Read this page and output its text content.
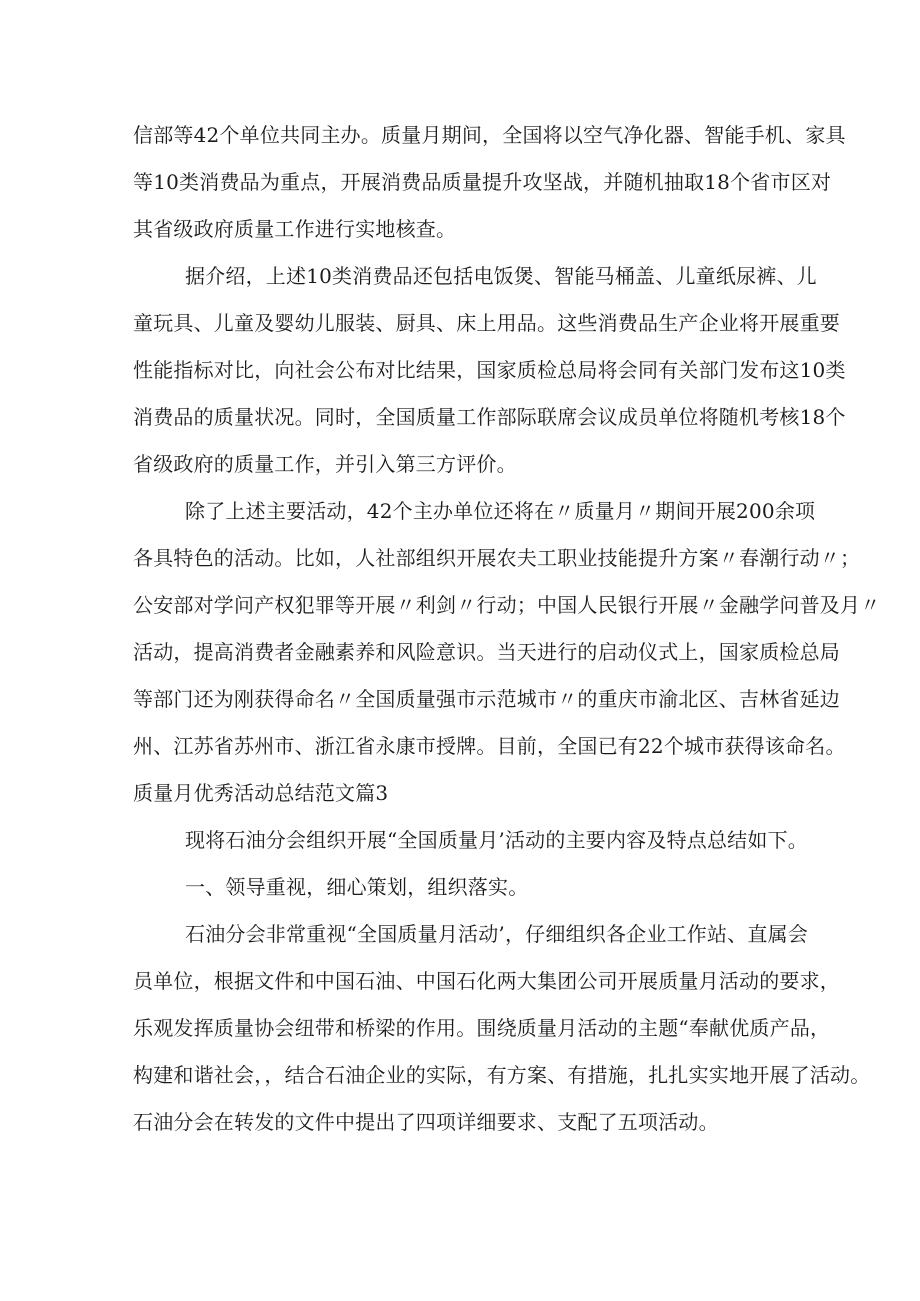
信部等42个单位共同主办。质量月期间，全国将以空气净化器、智能手机、家具
等10类消费品为重点，开展消费品质量提升攻坚战，并随机抽取18个省市区对
其省级政府质量工作进行实地核查。
据介绍，上述10类消费品还包括电饭煲、智能马桶盖、儿童纸尿裤、儿
童玩具、儿童及婴幼儿服装、厨具、床上用品。这些消费品生产企业将开展重要
性能指标对比，向社会公布对比结果，国家质检总局将会同有关部门发布这10类
消费品的质量状况。同时，全国质量工作部际联席会议成员单位将随机考核18个
省级政府的质量工作，并引入第三方评价。
除了上述主要活动，42个主办单位还将在〃质量月〃期间开展200余项
各具特色的活动。比如，人社部组织开展农夫工职业技能提升方案〃春潮行动〃；
公安部对学问产权犯罪等开展〃利剑〃行动；中国人民银行开展〃金融学问普及月〃
活动，提高消费者金融素养和风险意识。当天进行的启动仪式上，国家质检总局
等部门还为刚获得命名〃全国质量强市示范城市〃的重庆市渝北区、吉林省延边
州、江苏省苏州市、浙江省永康市授牌。目前，全国已有22个城市获得该命名。
质量月优秀活动总结范文篇3
现将石油分会组织开展“全国质量月’活动的主要内容及特点总结如下。
一、领导重视，细心策划，组织落实。
石油分会非常重视“全国质量月活动’，仔细组织各企业工作站、直属会
员单位，根据文件和中国石油、中国石化两大集团公司开展质量月活动的要求，
乐观发挥质量协会纽带和桥梁的作用。围绕质量月活动的主题“奉献优质产品，
构建和谐社会，，结合石油企业的实际，有方案、有措施，扎扎实实地开展了活动。
石油分会在转发的文件中提出了四项详细要求、支配了五项活动。
